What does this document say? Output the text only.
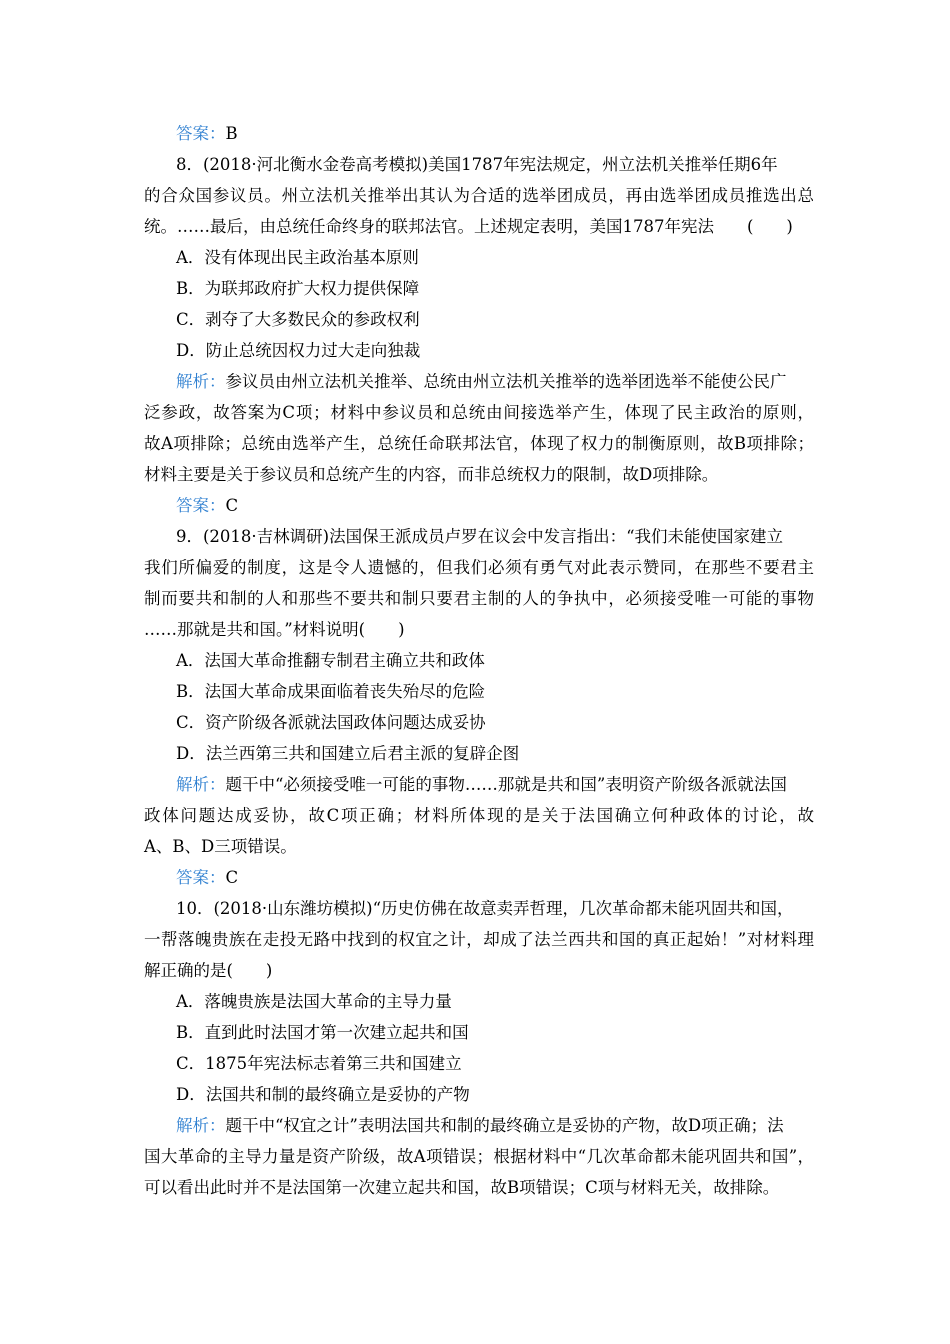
答案：B
8．(2018·河北衡水金卷高考模拟)美国1787年宪法规定，州立法机关推举任期6年
的合众国参议员。州立法机关推举出其认为合适的选举团成员，再由选举团成员推选出总
统。……最后，由总统任命终身的联邦法官。上述规定表明，美国1787年宪法　　(　　)
A．没有体现出民主政治基本原则
B．为联邦政府扩大权力提供保障
C．剥夺了大多数民众的参政权利
D．防止总统因权力过大走向独裁
解析：参议员由州立法机关推举、总统由州立法机关推举的选举团选举不能使公民广
泛参政，故答案为C项；材料中参议员和总统由间接选举产生，体现了民主政治的原则，
故A项排除；总统由选举产生，总统任命联邦法官，体现了权力的制衡原则，故B项排除；
材料主要是关于参议员和总统产生的内容，而非总统权力的限制，故D项排除。
答案：C
9．(2018·吉林调研)法国保王派成员卢罗在议会中发言指出：“我们未能使国家建立
我们所偏爱的制度，这是令人遗憾的，但我们必须有勇气对此表示赞同，在那些不要君主
制而要共和制的人和那些不要共和制只要君主制的人的争执中，必须接受唯一可能的事物
……那就是共和国。”材料说明(　　)
A．法国大革命推翻专制君主确立共和政体
B．法国大革命成果面临着丧失殆尽的危险
C．资产阶级各派就法国政体问题达成妥协
D．法兰西第三共和国建立后君主派的复辟企图
解析：题干中“必须接受唯一可能的事物……那就是共和国”表明资产阶级各派就法国
政体问题达成妥协，故C项正确；材料所体现的是关于法国确立何种政体的讨论，故
A、B、D三项错误。
答案：C
10．(2018·山东潍坊模拟)“历史仿佛在故意卖弄哲理，几次革命都未能巩固共和国，
一帮落魄贵族在走投无路中找到的权宜之计，却成了法兰西共和国的真正起始！”对材料理
解正确的是(　　)
A．落魄贵族是法国大革命的主导力量
B．直到此时法国才第一次建立起共和国
C．1875年宪法标志着第三共和国建立
D．法国共和制的最终确立是妥协的产物
解析：题干中“权宜之计”表明法国共和制的最终确立是妥协的产物，故D项正确；法
国大革命的主导力量是资产阶级，故A项错误；根据材料中“几次革命都未能巩固共和国”，
可以看出此时并不是法国第一次建立起共和国，故B项错误；C项与材料无关，故排除。
